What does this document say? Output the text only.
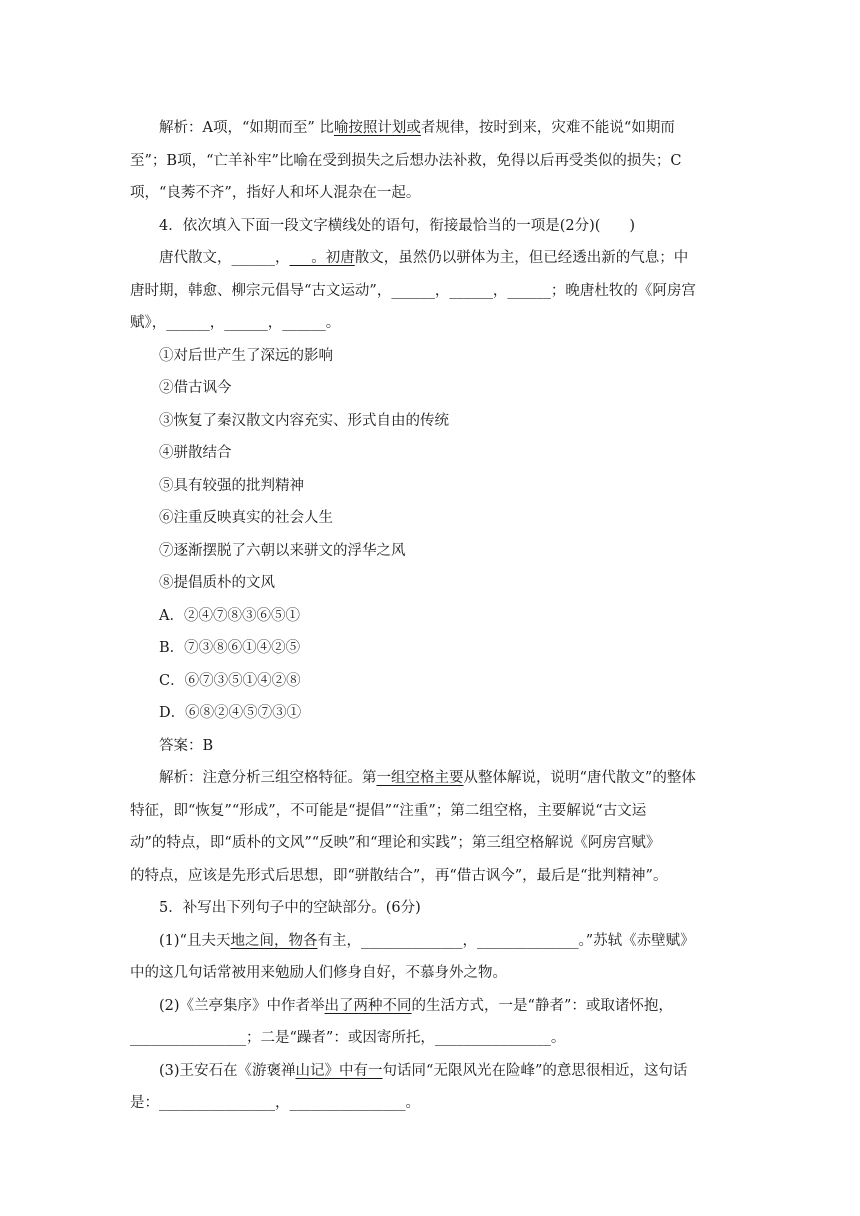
解析：A项，“如期而至” 比喻按照计划或者规律，按时到来，灾难不能说“如期而
至”；B项，“亡羊补牢”比喻在受到损失之后想办法补救，免得以后再受类似的损失；C
项，“良莠不齐”，指好人和坏人混杂在一起。

4．依次填入下面一段文字横线处的语句，衔接最恰当的一项是(2分)(　　)

唐代散文，______，___。初唐散文，虽然仍以骈体为主，但已经透出新的气息；中
唐时期，韩愈、柳宗元倡导“古文运动”，______，______，______；晚唐杜牧的《阿房宫
赋》，______，______，______。

①对后世产生了深远的影响

②借古讽今

③恢复了秦汉散文内容充实、形式自由的传统

④骈散结合

⑤具有较强的批判精神

⑥注重反映真实的社会人生

⑦逐渐摆脱了六朝以来骈文的浮华之风

⑧提倡质朴的文风

A．②④⑦⑧③⑥⑤①

B．⑦③⑧⑥①④②⑤

C．⑥⑦③⑤①④②⑧

D．⑥⑧②④⑤⑦③①

答案：B

解析：注意分析三组空格特征。第一组空格主要从整体解说，说明“唐代散文”的整体
特征，即“恢复”“形成”，不可能是“提倡”“注重”；第二组空格，主要解说“古文运
动”的特点，即“质朴的文风”“反映”和“理论和实践”；第三组空格解说《阿房宫赋》
的特点，应该是先形式后思想，即“骈散结合”，再“借古讽今”，最后是“批判精神”。

5．补写出下列句子中的空缺部分。(6分)

(1)“且夫天地之间，物各有主，______________，______________。”苏轼《赤壁赋》
中的这几句话常被用来勉励人们修身自好，不慕身外之物。

(2)《兰亭集序》中作者举出了两种不同的生活方式，一是“静者”：或取诸怀抱，
________________；二是“躁者”：或因寄所托，________________。

(3)王安石在《游褒禅山记》中有一句话同“无限风光在险峰”的意思很相近，这句话
是：________________，________________。
